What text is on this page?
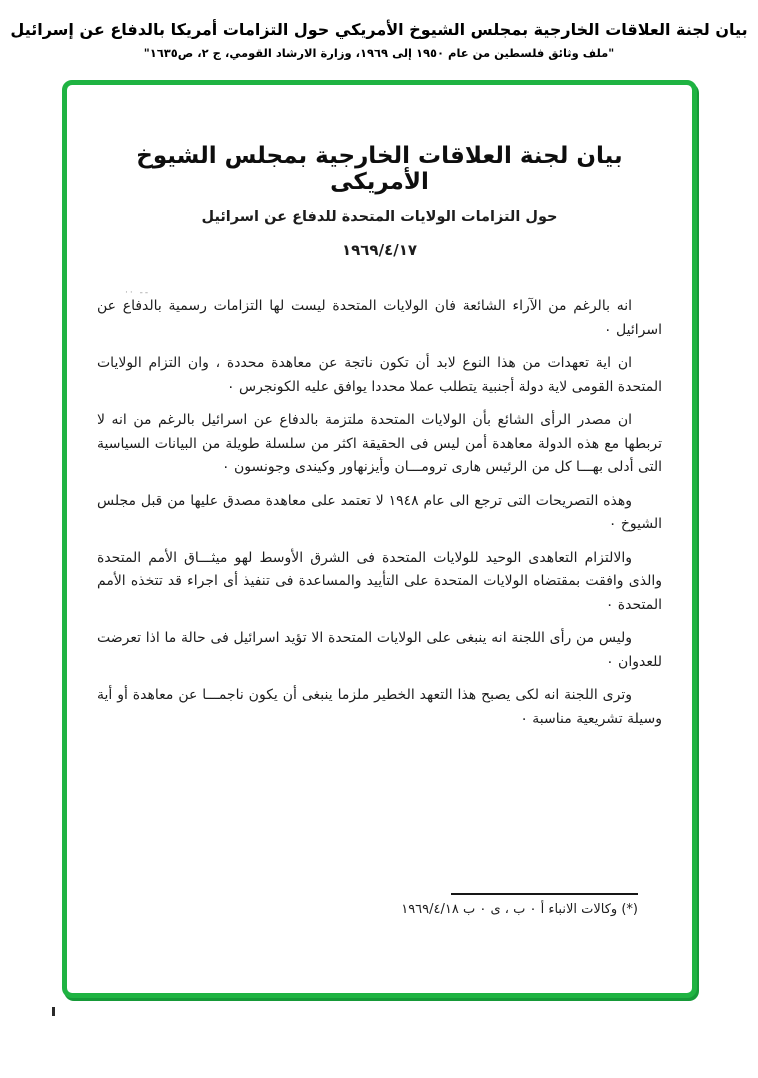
بيان لجنة العلاقات الخارجية بمجلس الشيوخ الأمريكي حول التزامات أمريكا بالدفاع عن إسرائيل
"ملف وثائق فلسطين من عام ١٩٥٠ إلى ١٩٦٩، وزارة الارشاد القومي، ج ٢، ص١٦٣٥"
بيان لجنة العلاقات الخارجية بمجلس الشيوخ الأمريكى
حول التزامات الولايات المتحدة للدفاع عن اسرائيل
١٩٦٩/٤/١٧

انه بالرغم من الآراء الشائعة فان الولايات المتحدة ليست لها التزامات رسمية بالدفاع عن اسرائيل ٠

ان اية تعهدات من هذا النوع لابد أن تكون ناتجة عن معاهدة محددة ، وان التزام الولايات المتحدة القومى لاية دولة أجنبية يتطلب عملا محددا يوافق عليه الكونجرس ٠

ان مصدر الرأى الشائع بأن الولايات المتحدة ملتزمة بالدفاع عن اسرائيل بالرغم من انه لا تربطها مع هذه الدولة معاهدة أمن ليس فى الحقيقة اكثر من سلسلة طويلة من البيانات السياسية التى أدلى بهـــا كل من الرئيس هارى ترومـــان وأيزنهاور وكيندى وجونسون ٠

وهذه التصريحات التى ترجع الى عام ١٩٤٨ لا تعتمد على معاهدة مصدق عليها من قبل مجلس الشيوخ ٠

والالتزام التعاهدى الوحيد للولايات المتحدة فى الشرق الأوسط لهو ميثـــاق الأمم المتحدة والذى وافقت بمقتضاه الولايات المتحدة على التأييد والمساعدة فى تنفيذ أى اجراء قد تتخذه الأمم المتحدة ٠

وليس من رأى اللجنة انه ينبغى على الولايات المتحدة الا تؤيد اسرائيل فى حالة ما اذا تعرضت للعدوان ٠

وترى اللجنة انه لكى يصبح هذا التعهد الخطير ملزما ينبغى أن يكون ناجمـــا عن معاهدة أو أية وسيلة تشريعية مناسبة ٠

-- ··
(*) وكالات الانباء أ ٠ ب ، ى ٠ ب ١٩٦٩/٤/١٨
